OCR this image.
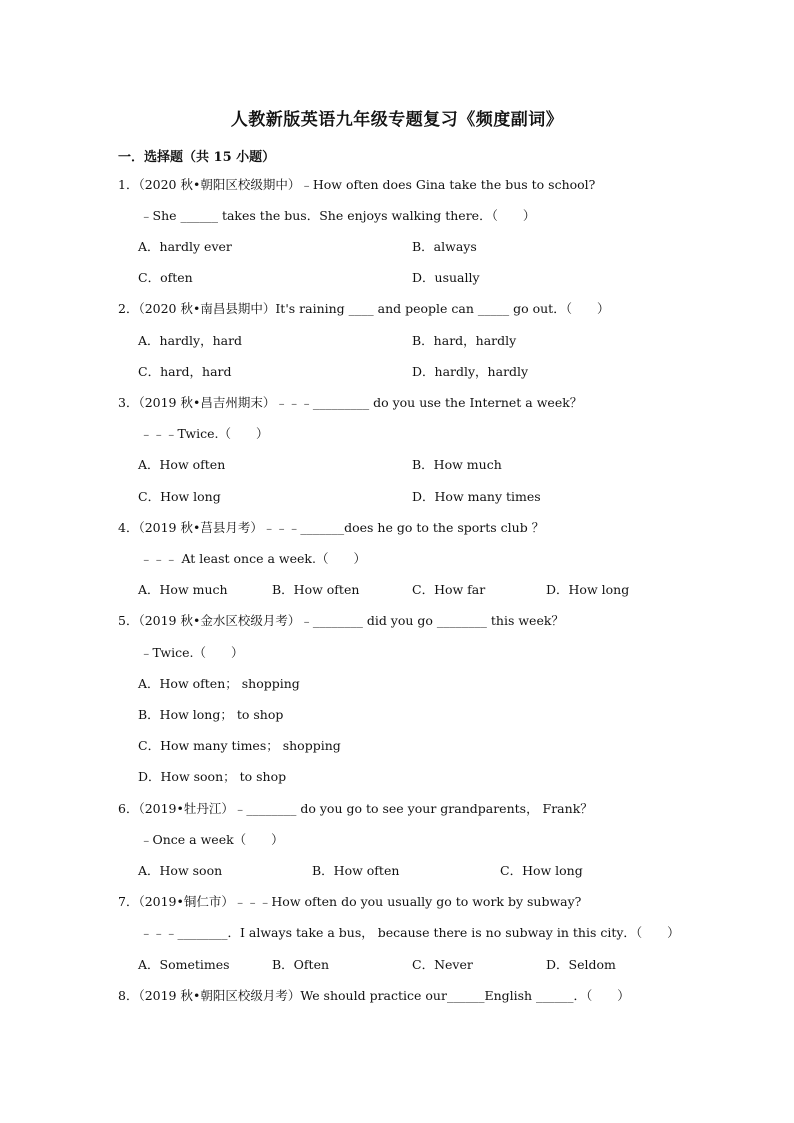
人教新版英语九年级专题复习《频度副词》
一．选择题（共 15 小题）
1．（2020 秋•朝阳区校级期中）﹣How often does Gina take the bus to school?
﹣She ______ takes the bus．She enjoys walking there．（　　）
A．hardly ever	B．always
C．often	D．usually
2．（2020 秋•南昌县期中）It's raining ____ and people can _____ go out．（　　）
A．hardly，hard	B．hard，hardly
C．hard，hard	D．hardly，hardly
3．（2019 秋•昌吉州期末）﹣﹣﹣_________ do you use the Internet a week？
﹣﹣﹣Twice.（　　）
A．How often	B．How much
C．How long	D．How many times
4．（2019 秋•莒县月考）﹣﹣﹣_______does he go to the sports club ？
﹣﹣﹣ At least once a week.（　　）
A．How much	B．How often	C．How far	D．How long
5．（2019 秋•金水区校级月考）﹣________ did you go ________ this week？
﹣Twice.（　　）
A．How often； shopping
B．How long； to shop
C．How many times； shopping
D．How soon； to shop
6．（2019•牡丹江）﹣________ do you go to see your grandparents， Frank？
﹣Once a week（　　）
A．How soon	B．How often	C．How long
7．（2019•铜仁市）﹣﹣﹣How often do you usually go to work by subway?
﹣﹣﹣________．I always take a bus， because there is no subway in this city．（　　）
A．Sometimes	B．Often	C．Never	D．Seldom
8．（2019 秋•朝阳区校级月考）We should practice our______English ______．（　　）
